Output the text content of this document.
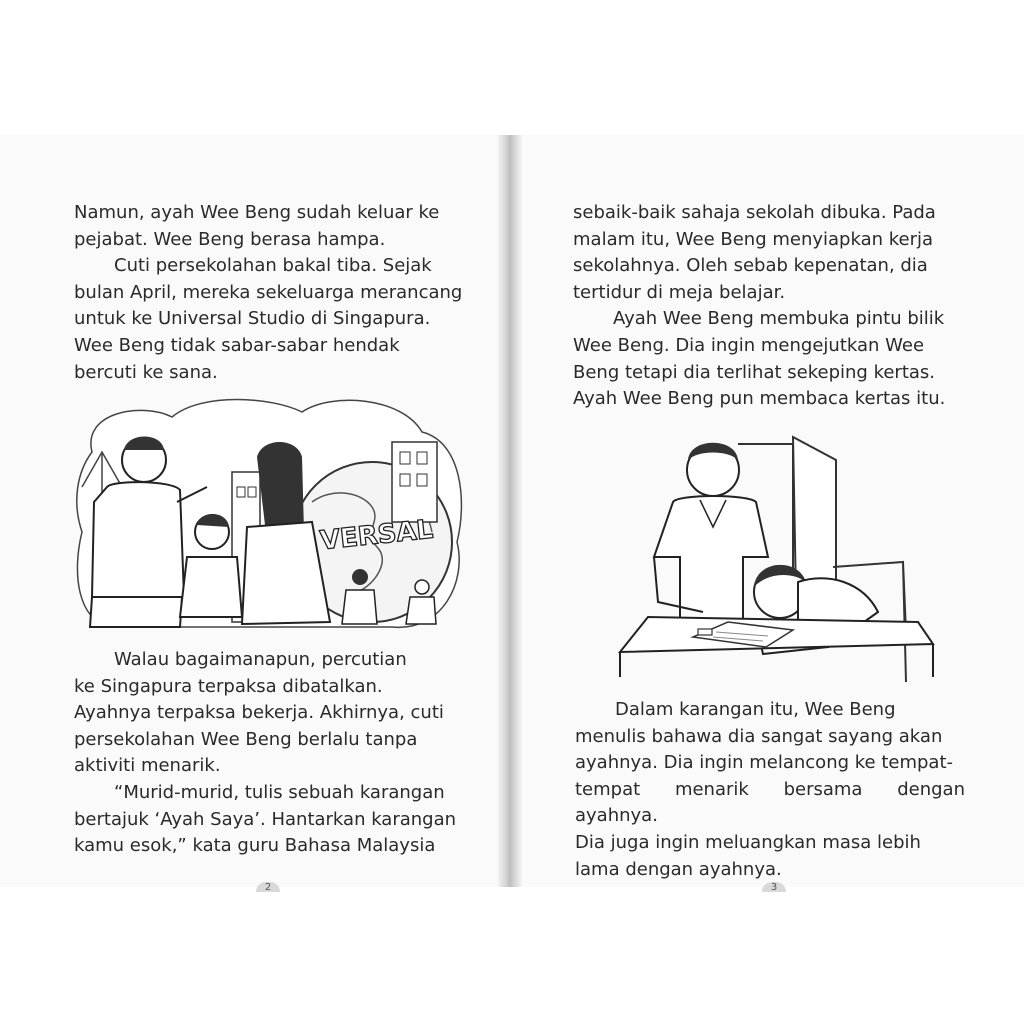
Namun, ayah Wee Beng sudah keluar ke

pejabat. Wee Beng berasa hampa.

Cuti persekolahan bakal tiba. Sejak

bulan April, mereka sekeluarga merancang

untuk ke Universal Studio di Singapura.

Wee Beng tidak sabar-sabar hendak

bercuti ke sana.

VERSAL

Walau bagaimanapun, percutian

ke Singapura terpaksa dibatalkan.

Ayahnya terpaksa bekerja. Akhirnya, cuti

persekolahan Wee Beng berlalu tanpa

aktiviti menarik.

“Murid-murid, tulis sebuah karangan

bertajuk ‘Ayah Saya’. Hantarkan karangan

kamu esok,” kata guru Bahasa Malaysia

2

sebaik-baik sahaja sekolah dibuka. Pada

malam itu, Wee Beng menyiapkan kerja

sekolahnya. Oleh sebab kepenatan, dia

tertidur di meja belajar.

Ayah Wee Beng membuka pintu bilik

Wee Beng. Dia ingin mengejutkan Wee

Beng tetapi dia terlihat sekeping kertas.

Ayah Wee Beng pun membaca kertas itu.

Dalam karangan itu, Wee Beng

menulis bahawa dia sangat sayang akan

ayahnya. Dia ingin melancong ke tempat-

tempat menarik bersama dengan ayahnya.

Dia juga ingin meluangkan masa lebih

lama dengan ayahnya.

3
